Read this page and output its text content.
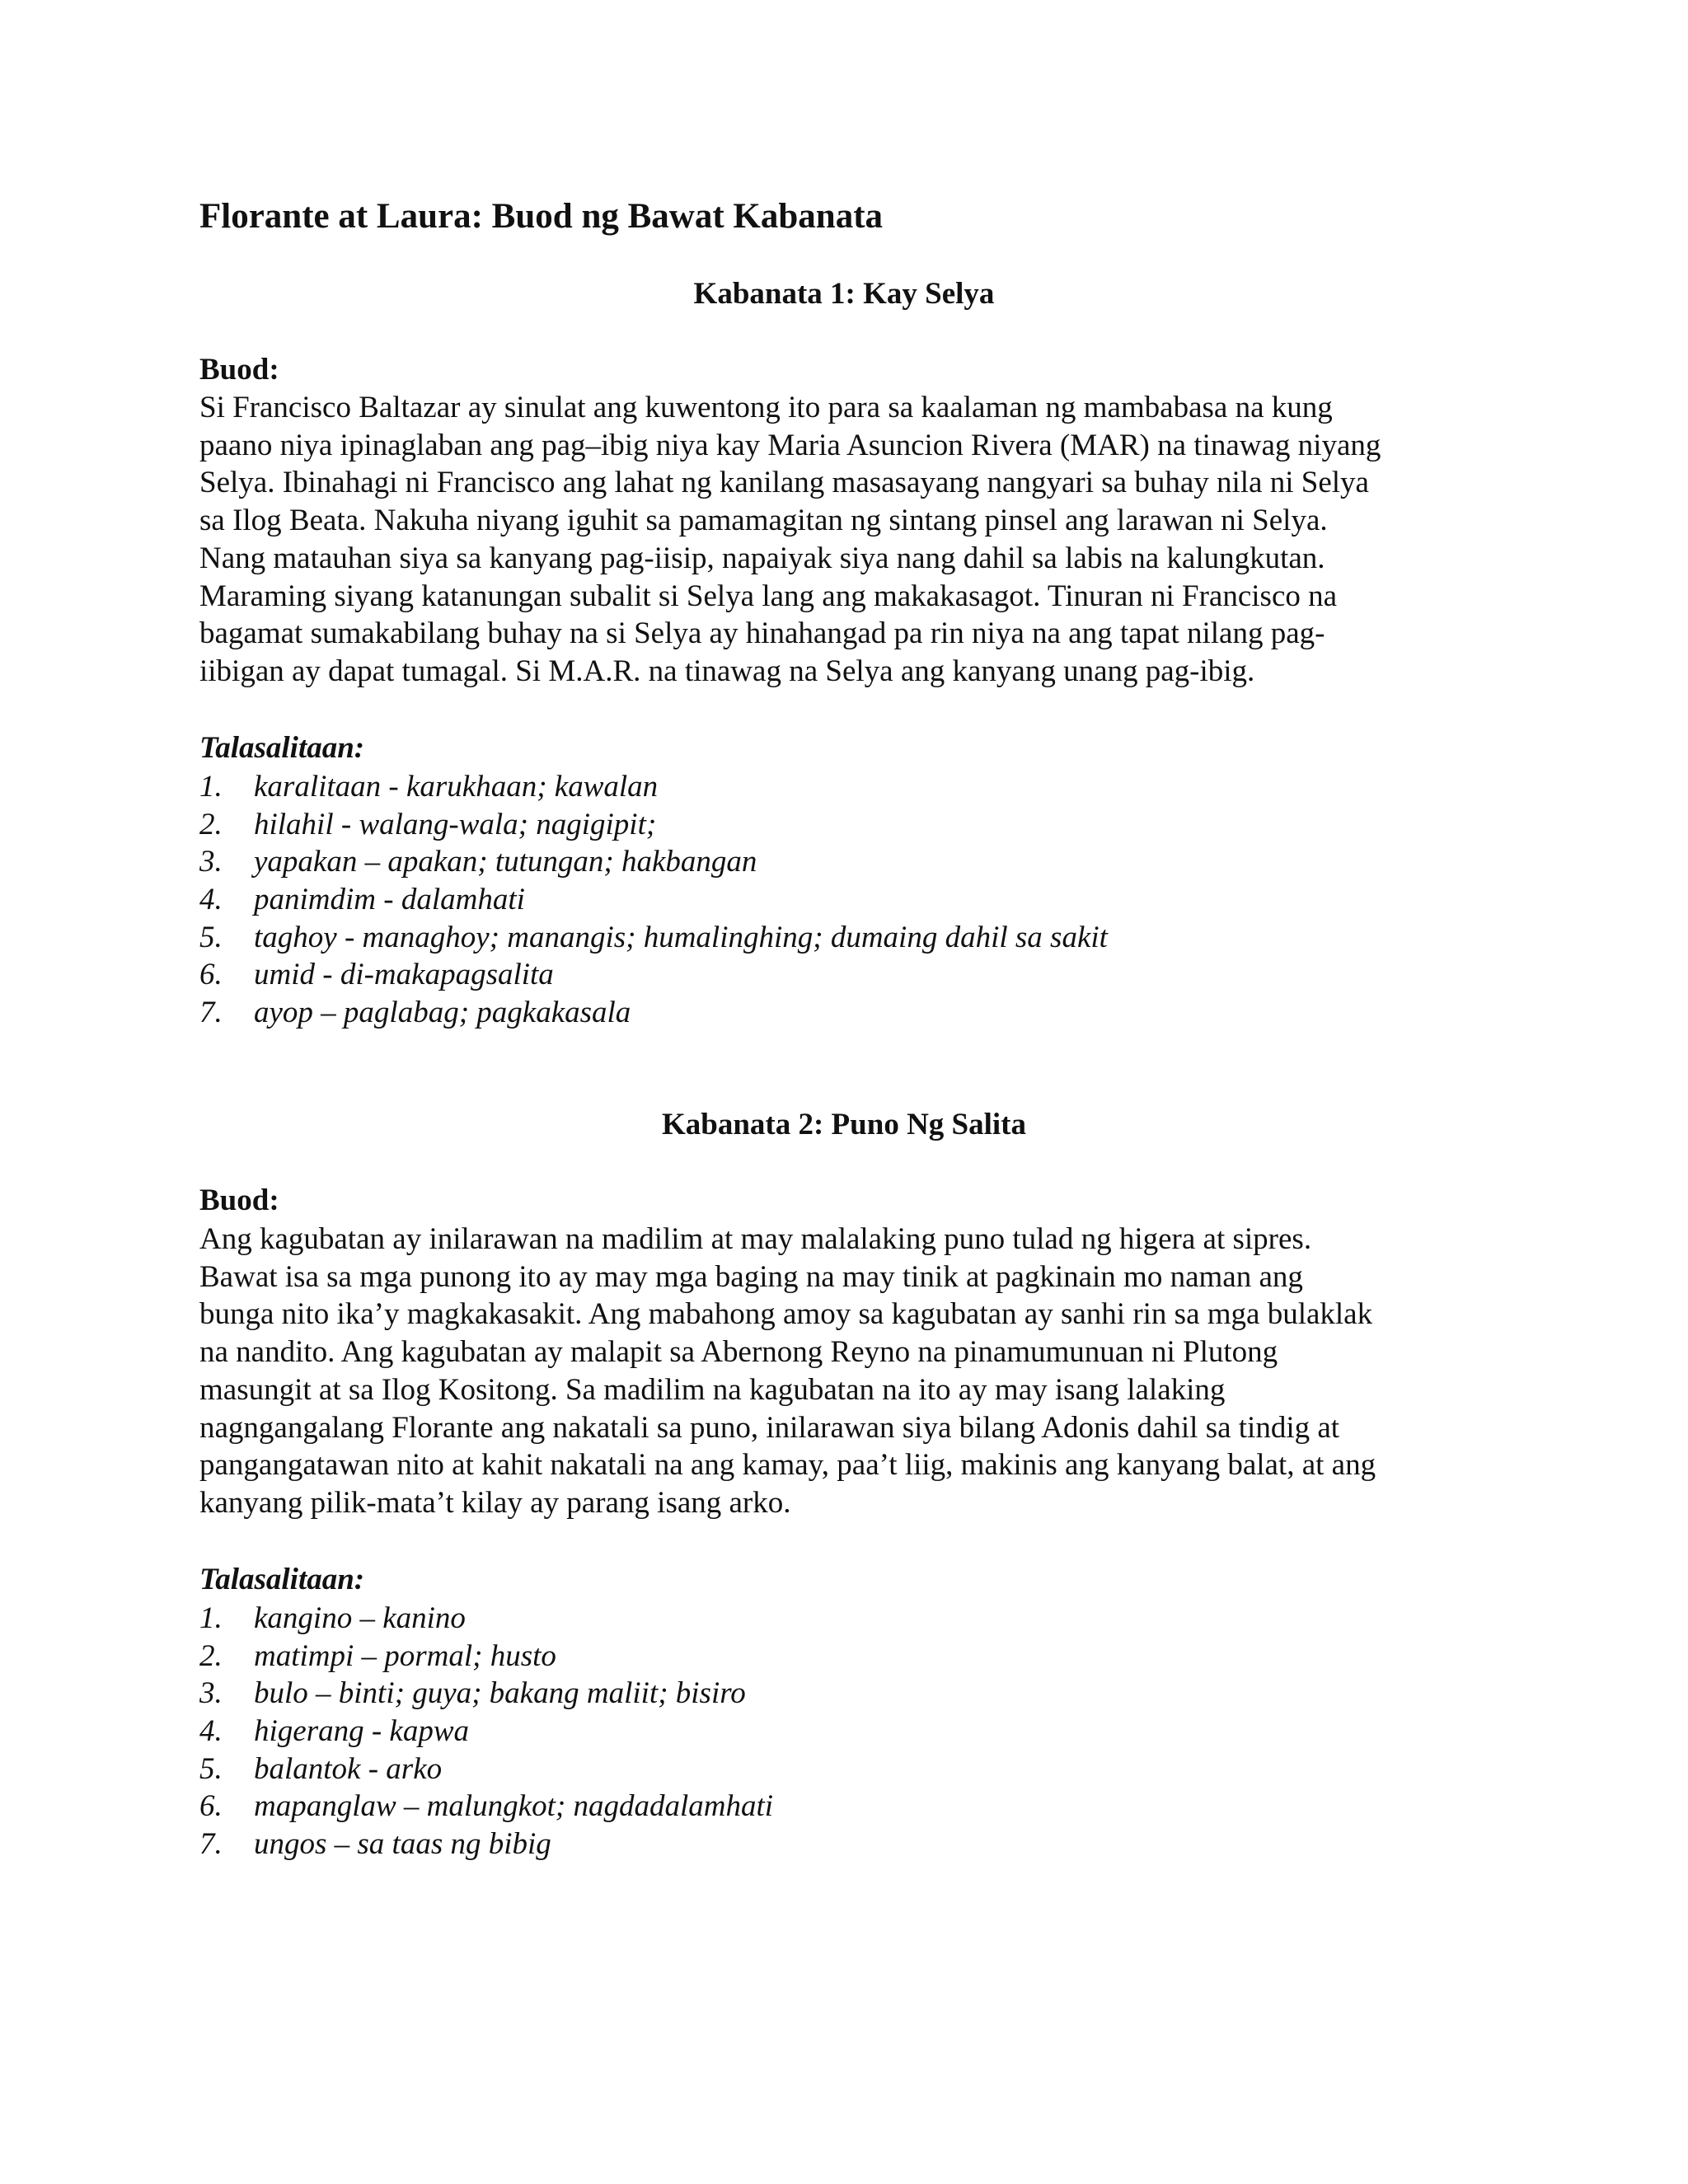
Florante at Laura: Buod ng Bawat Kabanata
Kabanata 1: Kay Selya
Buod:

Si Francisco Baltazar ay sinulat ang kuwentong ito para sa kaalaman ng mambabasa na kung
paano niya ipinaglaban ang pag–ibig niya kay Maria Asuncion Rivera (MAR) na tinawag niyang
Selya. Ibinahagi ni Francisco ang lahat ng kanilang masasayang nangyari sa buhay nila ni Selya
sa Ilog Beata. Nakuha niyang iguhit sa pamamagitan ng sintang pinsel ang larawan ni Selya.
Nang matauhan siya sa kanyang pag-iisip, napaiyak siya nang dahil sa labis na kalungkutan.
Maraming siyang katanungan subalit si Selya lang ang makakasagot. Tinuran ni Francisco na
bagamat sumakabilang buhay na si Selya ay hinahangad pa rin niya na ang tapat nilang pag-
iibigan ay dapat tumagal. Si M.A.R. na tinawag na Selya ang kanyang unang pag-ibig.

Talasalitaan:
1. karalitaan - karukhaan; kawalan
2. hilahil - walang-wala; nagigipit;
3. yapakan – apakan; tutungan; hakbangan
4. panimdim - dalamhati
5. taghoy - managhoy; manangis; humalinghing; dumaing dahil sa sakit
6. umid - di-makapagsalita
7. ayop – paglabag; pagkakasala
Kabanata 2: Puno Ng Salita
Buod:

Ang kagubatan ay inilarawan na madilim at may malalaking puno tulad ng higera at sipres.
Bawat isa sa mga punong ito ay may mga baging na may tinik at pagkinain mo naman ang
bunga nito ika’y magkakasakit. Ang mabahong amoy sa kagubatan ay sanhi rin sa mga bulaklak
na nandito. Ang kagubatan ay malapit sa Abernong Reyno na pinamumunuan ni Plutong
masungit at sa Ilog Kositong. Sa madilim na kagubatan na ito ay may isang lalaking
nagngangalang Florante ang nakatali sa puno, inilarawan siya bilang Adonis dahil sa tindig at
pangangatawan nito at kahit nakatali na ang kamay, paa’t liig, makinis ang kanyang balat, at ang
kanyang pilik-mata’t kilay ay parang isang arko.

Talasalitaan:
1. kangino – kanino
2. matimpi – pormal; husto
3. bulo – binti; guya; bakang maliit; bisiro
4. higerang - kapwa
5. balantok - arko
6. mapanglaw – malungkot; nagdadalamhati
7. ungos – sa taas ng bibig
